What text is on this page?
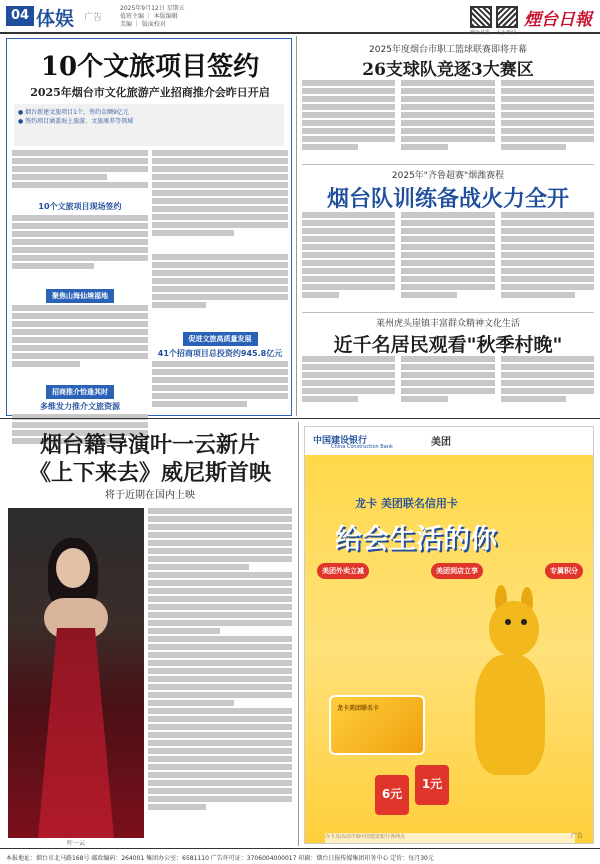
04 体娱 广告
2025年9月12日 星期五
值班主编 ｜ 本版编辑
美编 ｜ 版面校对
烟台日报 大小新闻
煙台日報
10个文旅项目签约
2025年烟台市文化旅游产业招商推介会昨日开启

● 烟台新建文旅项目1个，签约金额9亿元

● 签约项目涵盖海上旅游、文旅康养等领域

10个文旅项目现场签约
聚焦山海仙境福地
招商推介恰逢其时
多维发力推介文旅资源
促进文旅高质量发展
41个招商项目总投资约945.8亿元
2025年度烟台市职工篮球联赛即将开幕
26支球队竞逐3大赛区
2025年"齐鲁超赛"烟潍赛程
烟台队训练备战火力全开
莱州虎头崖镇丰富群众精神文化生活
近千名居民观看"秋季村晚"
烟台籍导演叶一云新片
《上下来去》威尼斯首映
将于近期在国内上映
叶一云
中国建设银行
China Construction Bank	美团
龙卡 美团联名信用卡
给会生活的你
美团外卖立减	美团到店立享	专属积分
龙卡美团联名卡
6元
1元
办卡及活动详询中国建设银行各网点	广告
本报地址：烟台市北马路168号 邮政编码：264001 集团办公室：6581110 广告许可证：3706004000017 印刷：烟台日报传媒集团印务中心 定价：每月30元
